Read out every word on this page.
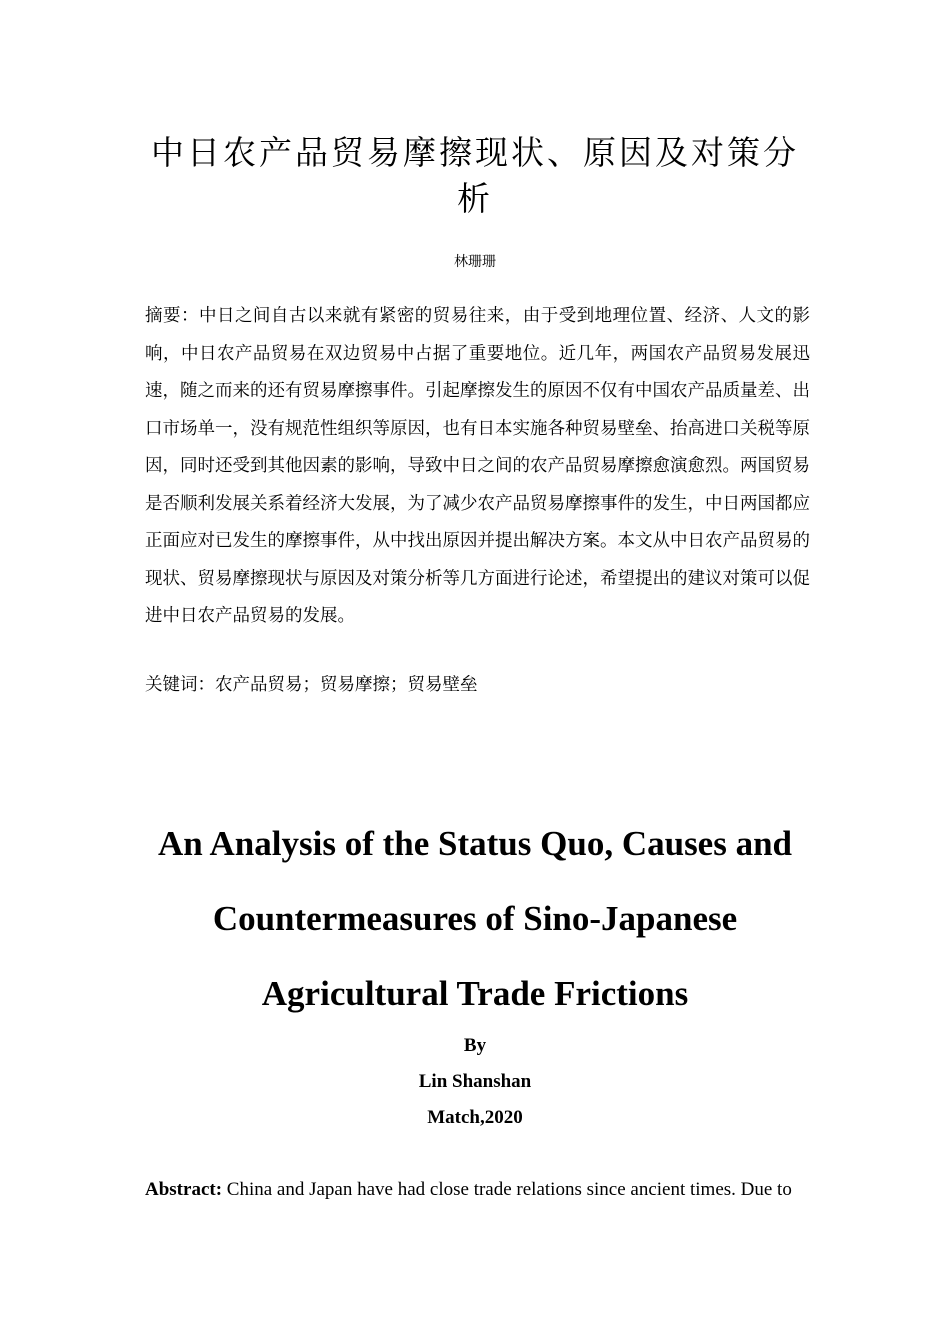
中日农产品贸易摩擦现状、原因及对策分
析
林珊珊

摘要：中日之间自古以来就有紧密的贸易往来，由于受到地理位置、经济、人文的影响，中日农产品贸易在双边贸易中占据了重要地位。近几年，两国农产品贸易发展迅速，随之而来的还有贸易摩擦事件。引起摩擦发生的原因不仅有中国农产品质量差、出口市场单一，没有规范性组织等原因，也有日本实施各种贸易壁垒、抬高进口关税等原因，同时还受到其他因素的影响，导致中日之间的农产品贸易摩擦愈演愈烈。两国贸易是否顺利发展关系着经济大发展，为了减少农产品贸易摩擦事件的发生，中日两国都应正面应对已发生的摩擦事件，从中找出原因并提出解决方案。本文从中日农产品贸易的现状、贸易摩擦现状与原因及对策分析等几方面进行论述，希望提出的建议对策可以促进中日农产品贸易的发展。

关键词：农产品贸易；贸易摩擦；贸易壁垒

An Analysis of the Status Quo, Causes and
Countermeasures of Sino-Japanese
Agricultural Trade Frictions
By
Lin Shanshan
Match,2020

Abstract: China and Japan have had close trade relations since ancient times. Due to
